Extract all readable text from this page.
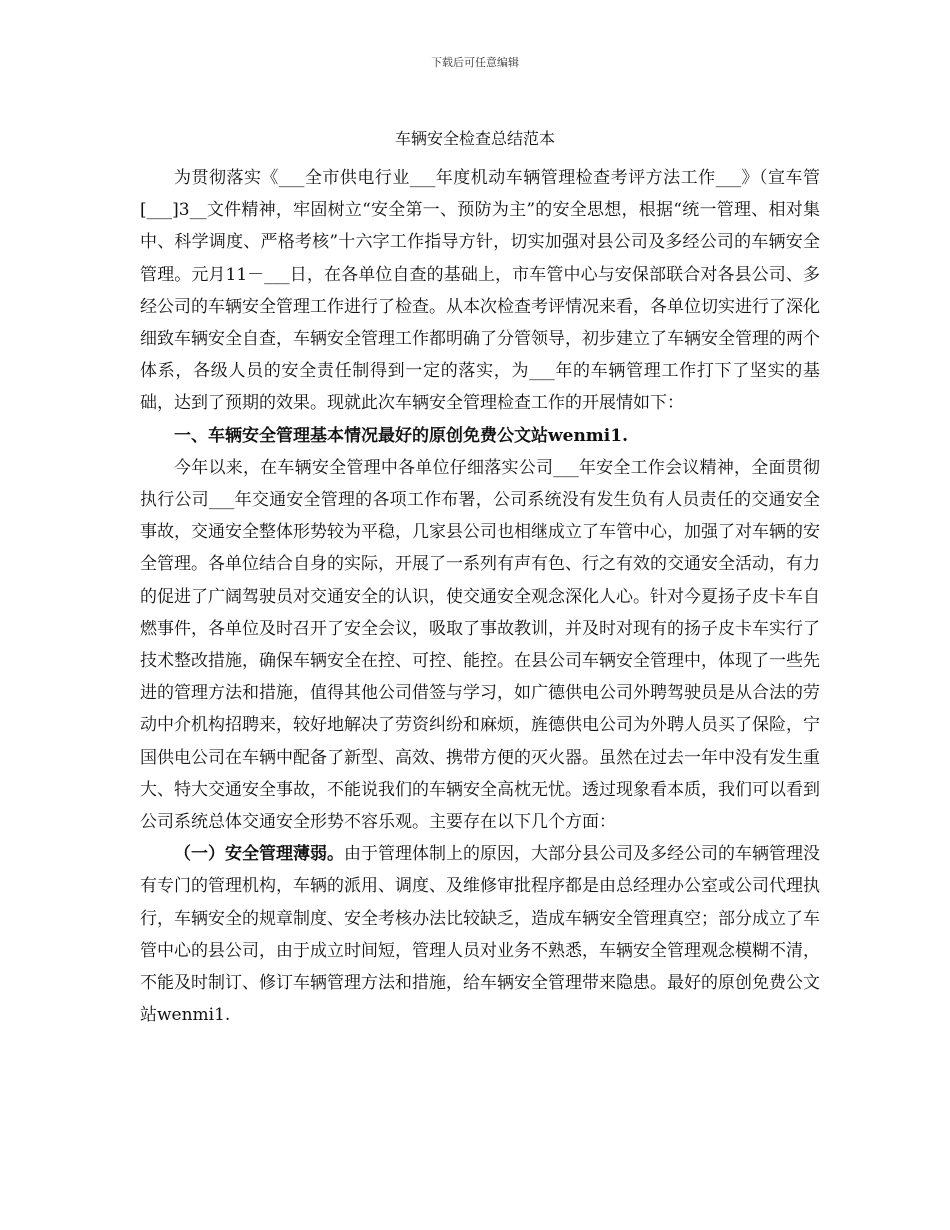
下载后可任意编辑
车辆安全检查总结范本

为贯彻落实《___全市供电行业___年度机动车辆管理检查考评方法工作___》（宣车管[___]3__文件精神，牢固树立“安全第一、预防为主”的安全思想，根据“统一管理、相对集中、科学调度、严格考核”十六字工作指导方针，切实加强对县公司及多经公司的车辆安全管理。元月11－___日，在各单位自查的基础上，市车管中心与安保部联合对各县公司、多经公司的车辆安全管理工作进行了检查。从本次检查考评情况来看，各单位切实进行了深化细致车辆安全自查，车辆安全管理工作都明确了分管领导，初步建立了车辆安全管理的两个体系，各级人员的安全责任制得到一定的落实，为___年的车辆管理工作打下了坚实的基础，达到了预期的效果。现就此次车辆安全管理检查工作的开展情如下：

一、车辆安全管理基本情况最好的原创免费公文站wenmi1.

今年以来，在车辆安全管理中各单位仔细落实公司___年安全工作会议精神，全面贯彻执行公司___年交通安全管理的各项工作布署，公司系统没有发生负有人员责任的交通安全事故，交通安全整体形势较为平稳，几家县公司也相继成立了车管中心，加强了对车辆的安全管理。各单位结合自身的实际，开展了一系列有声有色、行之有效的交通安全活动，有力的促进了广阔驾驶员对交通安全的认识，使交通安全观念深化人心。针对今夏扬子皮卡车自燃事件，各单位及时召开了安全会议，吸取了事故教训，并及时对现有的扬子皮卡车实行了技术整改措施，确保车辆安全在控、可控、能控。在县公司车辆安全管理中，体现了一些先进的管理方法和措施，值得其他公司借签与学习，如广德供电公司外聘驾驶员是从合法的劳动中介机构招聘来，较好地解决了劳资纠纷和麻烦，旌德供电公司为外聘人员买了保险，宁国供电公司在车辆中配备了新型、高效、携带方便的灭火器。虽然在过去一年中没有发生重大、特大交通安全事故，不能说我们的车辆安全高枕无忧。透过现象看本质，我们可以看到公司系统总体交通安全形势不容乐观。主要存在以下几个方面：

（一）安全管理薄弱。由于管理体制上的原因，大部分县公司及多经公司的车辆管理没有专门的管理机构，车辆的派用、调度、及维修审批程序都是由总经理办公室或公司代理执行，车辆安全的规章制度、安全考核办法比较缺乏，造成车辆安全管理真空；部分成立了车管中心的县公司，由于成立时间短，管理人员对业务不熟悉，车辆安全管理观念模糊不清，不能及时制订、修订车辆管理方法和措施，给车辆安全管理带来隐患。最好的原创免费公文站wenmi1.
